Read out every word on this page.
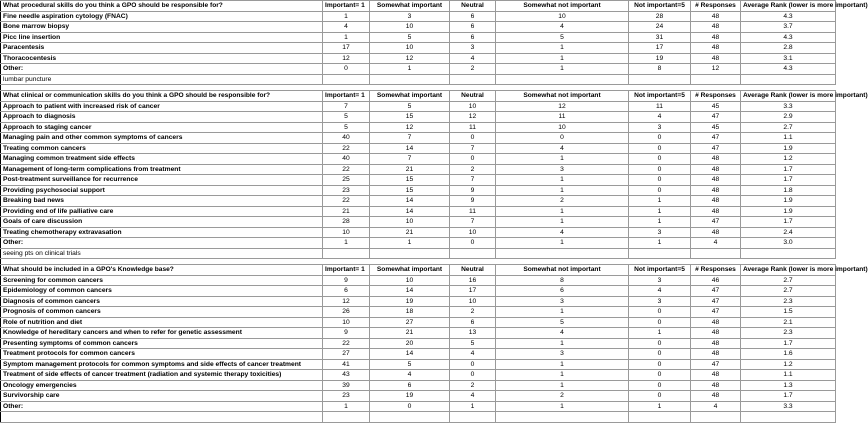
What procedural skills do you think a GPO should be responsible for?	Important= 1	Somewhat important	Neutral	Somewhat not important	Not important=5	# Responses	Average Rank (lower is more important)
Fine needle aspiration cytology (FNAC)	1	3	6	10	28	48	4.3
Bone marrow biopsy	4	10	6	4	24	48	3.7
Picc line insertion	1	5	6	5	31	48	4.3
Paracentesis	17	10	3	1	17	48	2.8
Thoracocentesis	12	12	4	1	19	48	3.1
Other:	0	1	2	1	8	12	4.3
lumbar puncture							

What clinical or communication skills do you think a GPO should be responsible for?	Important= 1	Somewhat important	Neutral	Somewhat not important	Not important=5	# Responses	Average Rank (lower is more important)
Approach to patient with increased risk of cancer	7	5	10	12	11	45	3.3
Approach to diagnosis	5	15	12	11	4	47	2.9
Approach to staging cancer	5	12	11	10	3	45	2.7
Managing pain and other common symptoms of cancers	40	7	0	0	0	47	1.1
Treating common cancers	22	14	7	4	0	47	1.9
Managing common treatment side effects	40	7	0	1	0	48	1.2
Management of long-term complications from treatment	22	21	2	3	0	48	1.7
Post-treatment surveillance for recurrence	25	15	7	1	0	48	1.7
Providing psychosocial support	23	15	9	1	0	48	1.8
Breaking bad news	22	14	9	2	1	48	1.9
Providing end of life palliative care	21	14	11	1	1	48	1.9
Goals of care discussion	28	10	7	1	1	47	1.7
Treating chemotherapy extravasation	10	21	10	4	3	48	2.4
Other:	1	1	0	1	1	4	3.0
seeing pts on clinical trials							

What should be included in a GPO's Knowledge base?	Important= 1	Somewhat important	Neutral	Somewhat not important	Not important=5	# Responses	Average Rank (lower is more important)
Screening for common cancers	9	10	16	8	3	46	2.7
Epidemiology of common cancers	6	14	17	6	4	47	2.7
Diagnosis of common cancers	12	19	10	3	3	47	2.3
Prognosis of common cancers	26	18	2	1	0	47	1.5
Role of nutrition and diet	10	27	6	5	0	48	2.1
Knowledge of hereditary cancers and when to refer for genetic assessment	9	21	13	4	1	48	2.3
Presenting symptoms of common cancers	22	20	5	1	0	48	1.7
Treatment protocols for common cancers	27	14	4	3	0	48	1.6
Symptom management protocols for common symptoms and side effects of cancer treatment	41	5	0	1	0	47	1.2
Treatment of side effects of cancer treatment (radiation and systemic therapy toxicities)	43	4	0	1	0	48	1.1
Oncology emergencies	39	6	2	1	0	48	1.3
Survivorship care	23	19	4	2	0	48	1.7
Other:	1	0	1	1	1	4	3.3
